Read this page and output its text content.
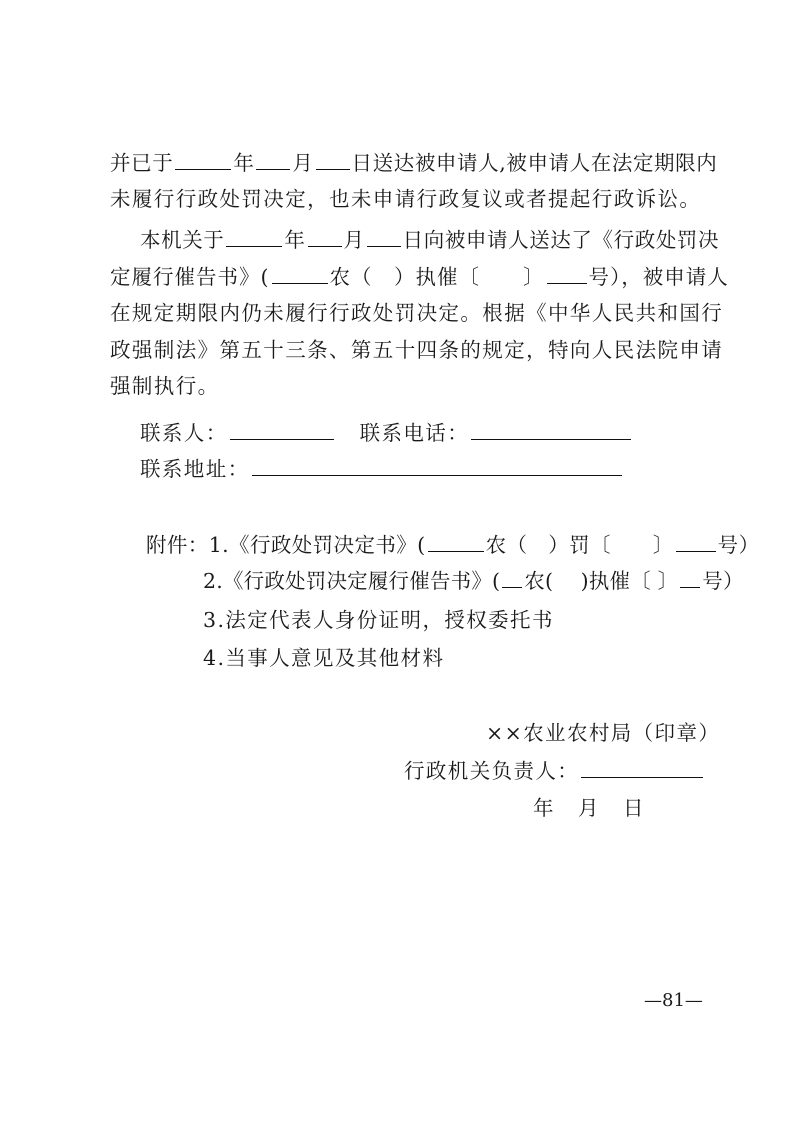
并已于	年 月 日送达被申请人,被申请人在法定期限内
未履行行政处罚决定，也未申请行政复议或者提起行政诉讼。
本机关于	年 月 日向被申请人送达了《行政处罚决
定履行催告书》(	农（　）执催〔　　〕 号），被申请人
在规定期限内仍未履行行政处罚决定。根据《中华人民共和国行
政强制法》第五十三条、第五十四条的规定，特向人民法院申请
强制执行。
联系人：	联系电话：
联系地址：
附件：1.《行政处罚决定书》(	农（　）罚〔　　〕 号）
2.《行政处罚决定履行催告书》( 农(　 )执催〔 〕 号）
3.法定代表人身份证明，授权委托书
4.当事人意见及其他材料
××农业农村局（印章）
行政机关负责人：
年　月　日
—81—
